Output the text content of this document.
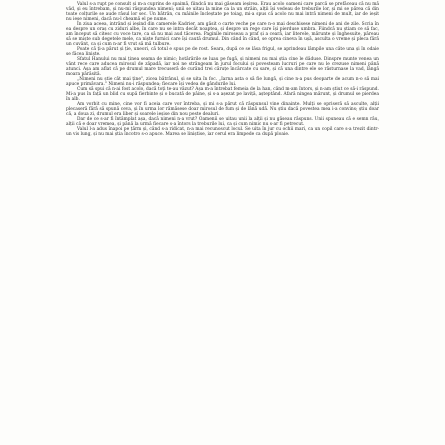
Valul s-a rupt pe consult și m-a cuprins de spaimă, fiindcă nu mai găseam ieșirea. Erau acolo oameni care parcă se prefăceau că nu mă văd, și eu întrebam, și nu-mi răspundea nimeni; unii se uitau la mine ca la un străin, alții își vedeau de treburile lor, și mi se părea că din toate colțurile se aude râsul lor sec. Un bătrân, cu mâinile încleștate pe toiag, mi-a spus că acolo nu mai intră nimeni de mult, iar de ieșit nu iese nimeni, dacă nu-l cheamă el pe nume.

În ziua aceea, intrând și ieșind din camerele Kadrier, am găsit o carte veche pe care n-o mai deschisese nimeni de ani de zile. Scria în ea despre un oraș cu ziduri albe, în care nu se intra decât noaptea, și despre un rege care își pierduse umbra. Fiindcă nu știam ce să fac, am început să citesc cu voce tare, ca să nu mai aud tăcerea. Paginile miroseau a praf și a ceară, iar literele, mărunte și înghesuite, păreau să se miște sub degetele mele, ca niște furnici care își caută drumul. Din când în când, se oprea cineva în ușă, asculta o vreme și pleca fără un cuvânt, ca și cum n-ar fi vrut să mă tulbure.

Poate că ți-a părut și ție, uneori, că totul e spus pe de rost. Seara, după ce se lăsa frigul, se aprindeau lămpile una câte una și în odaie se făcea liniște.

Sfatul Hanului nu mai ținea seama de nimic; hotărârile se luau pe fugă, și nimeni nu mai știa cine le dăduse. Dinspre munte venea un vânt rece care aducea mirosul de zăpadă, iar noi ne strângeam în jurul focului și povesteam lucruri pe care nu le crezuse nimeni până atunci. Așa am aflat că pe drumul mare trecuseră de curând trei căruțe încărcate cu sare, și că una dintre ele se răsturnase la vad, lângă moara părăsită.

„Nimeni nu știe cât mai ține", zicea bătrânul, și se uita în foc. „Iarna asta o să fie lungă, și cine n-a pus deoparte de acum n-o să mai apuce primăvara." Nimeni nu-i răspundea; fiecare își vedea de gândurile lui.

Cum să spui că n-ai fost acolo, dacă toți te-au văzut? Așa m-a întrebat femeia de la han, când m-am întors, și n-am știut ce să-i răspund. Mi-a pus în față un blid cu supă fierbinte și o bucată de pâine, și s-a așezat pe laviță, așteptând. Afară ningea mărunt, și drumul se pierdea în alb.

Am vorbit cu mine, cine vor fi aceia care vor întreba, și mi s-a părut că răspunsul vine dinainte. Mulți se opriseră să asculte, alții plecaseră fără să spună ceva, și în urma lor rămăsese doar mirosul de fum și de lână udă. Nu știu dacă povestea mea i-a convins; știu doar că, a doua zi, drumul era liber și soarele ieșise din nou peste dealuri.

Dar de ce s-ar fi întâmplat așa, dacă nimeni n-a vrut? Oamenii se uitau unii la alții și nu găseau răspuns. Unii spuneau că e semn rău, alții că e doar vremea, și până la urmă fiecare s-a întors la treburile lui, ca și cum nimic nu s-ar fi petrecut.

Valul l-a adus înapoi pe țărm și, când s-a ridicat, n-a mai recunoscut locul. Se uita în jur cu ochii mari, ca un copil care s-a trezit dintr-un vis lung, și nu mai știa încotro s-o apuce. Marea se liniștise, iar cerul era limpede ca după ploaie.
